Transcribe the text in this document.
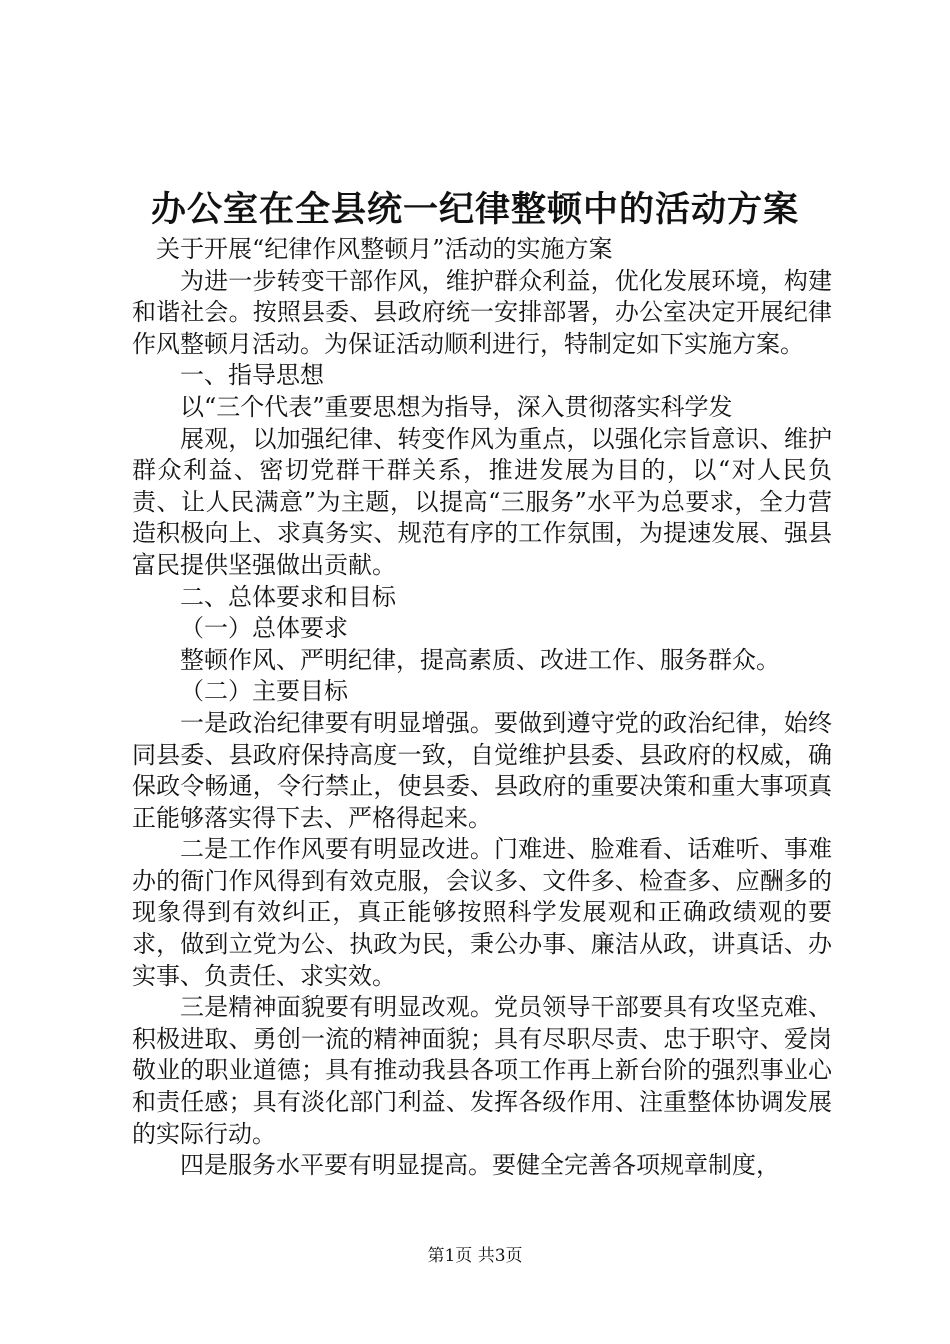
办公室在全县统一纪律整顿中的活动方案

关于开展“纪律作风整顿月”活动的实施方案

为进一步转变干部作风，维护群众利益，优化发展环境，构建和谐社会。按照县委、县政府统一安排部署，办公室决定开展纪律作风整顿月活动。为保证活动顺利进行，特制定如下实施方案。

一、指导思想

以“三个代表”重要思想为指导，深入贯彻落实科学发

展观，以加强纪律、转变作风为重点，以强化宗旨意识、维护群众利益、密切党群干群关系，推进发展为目的，以“对人民负责、让人民满意”为主题，以提高“三服务”水平为总要求，全力营造积极向上、求真务实、规范有序的工作氛围，为提速发展、强县富民提供坚强做出贡献。

二、总体要求和目标

（一）总体要求

整顿作风、严明纪律，提高素质、改进工作、服务群众。

（二）主要目标

一是政治纪律要有明显增强。要做到遵守党的政治纪律，始终同县委、县政府保持高度一致，自觉维护县委、县政府的权威，确保政令畅通，令行禁止，使县委、县政府的重要决策和重大事项真正能够落实得下去、严格得起来。

二是工作作风要有明显改进。门难进、脸难看、话难听、事难办的衙门作风得到有效克服，会议多、文件多、检查多、应酬多的现象得到有效纠正，真正能够按照科学发展观和正确政绩观的要求，做到立党为公、执政为民，秉公办事、廉洁从政，讲真话、办实事、负责任、求实效。

三是精神面貌要有明显改观。党员领导干部要具有攻坚克难、积极进取、勇创一流的精神面貌；具有尽职尽责、忠于职守、爱岗敬业的职业道德；具有推动我县各项工作再上新台阶的强烈事业心和责任感；具有淡化部门利益、发挥各级作用、注重整体协调发展的实际行动。

四是服务水平要有明显提高。要健全完善各项规章制度，

第1页 共3页
